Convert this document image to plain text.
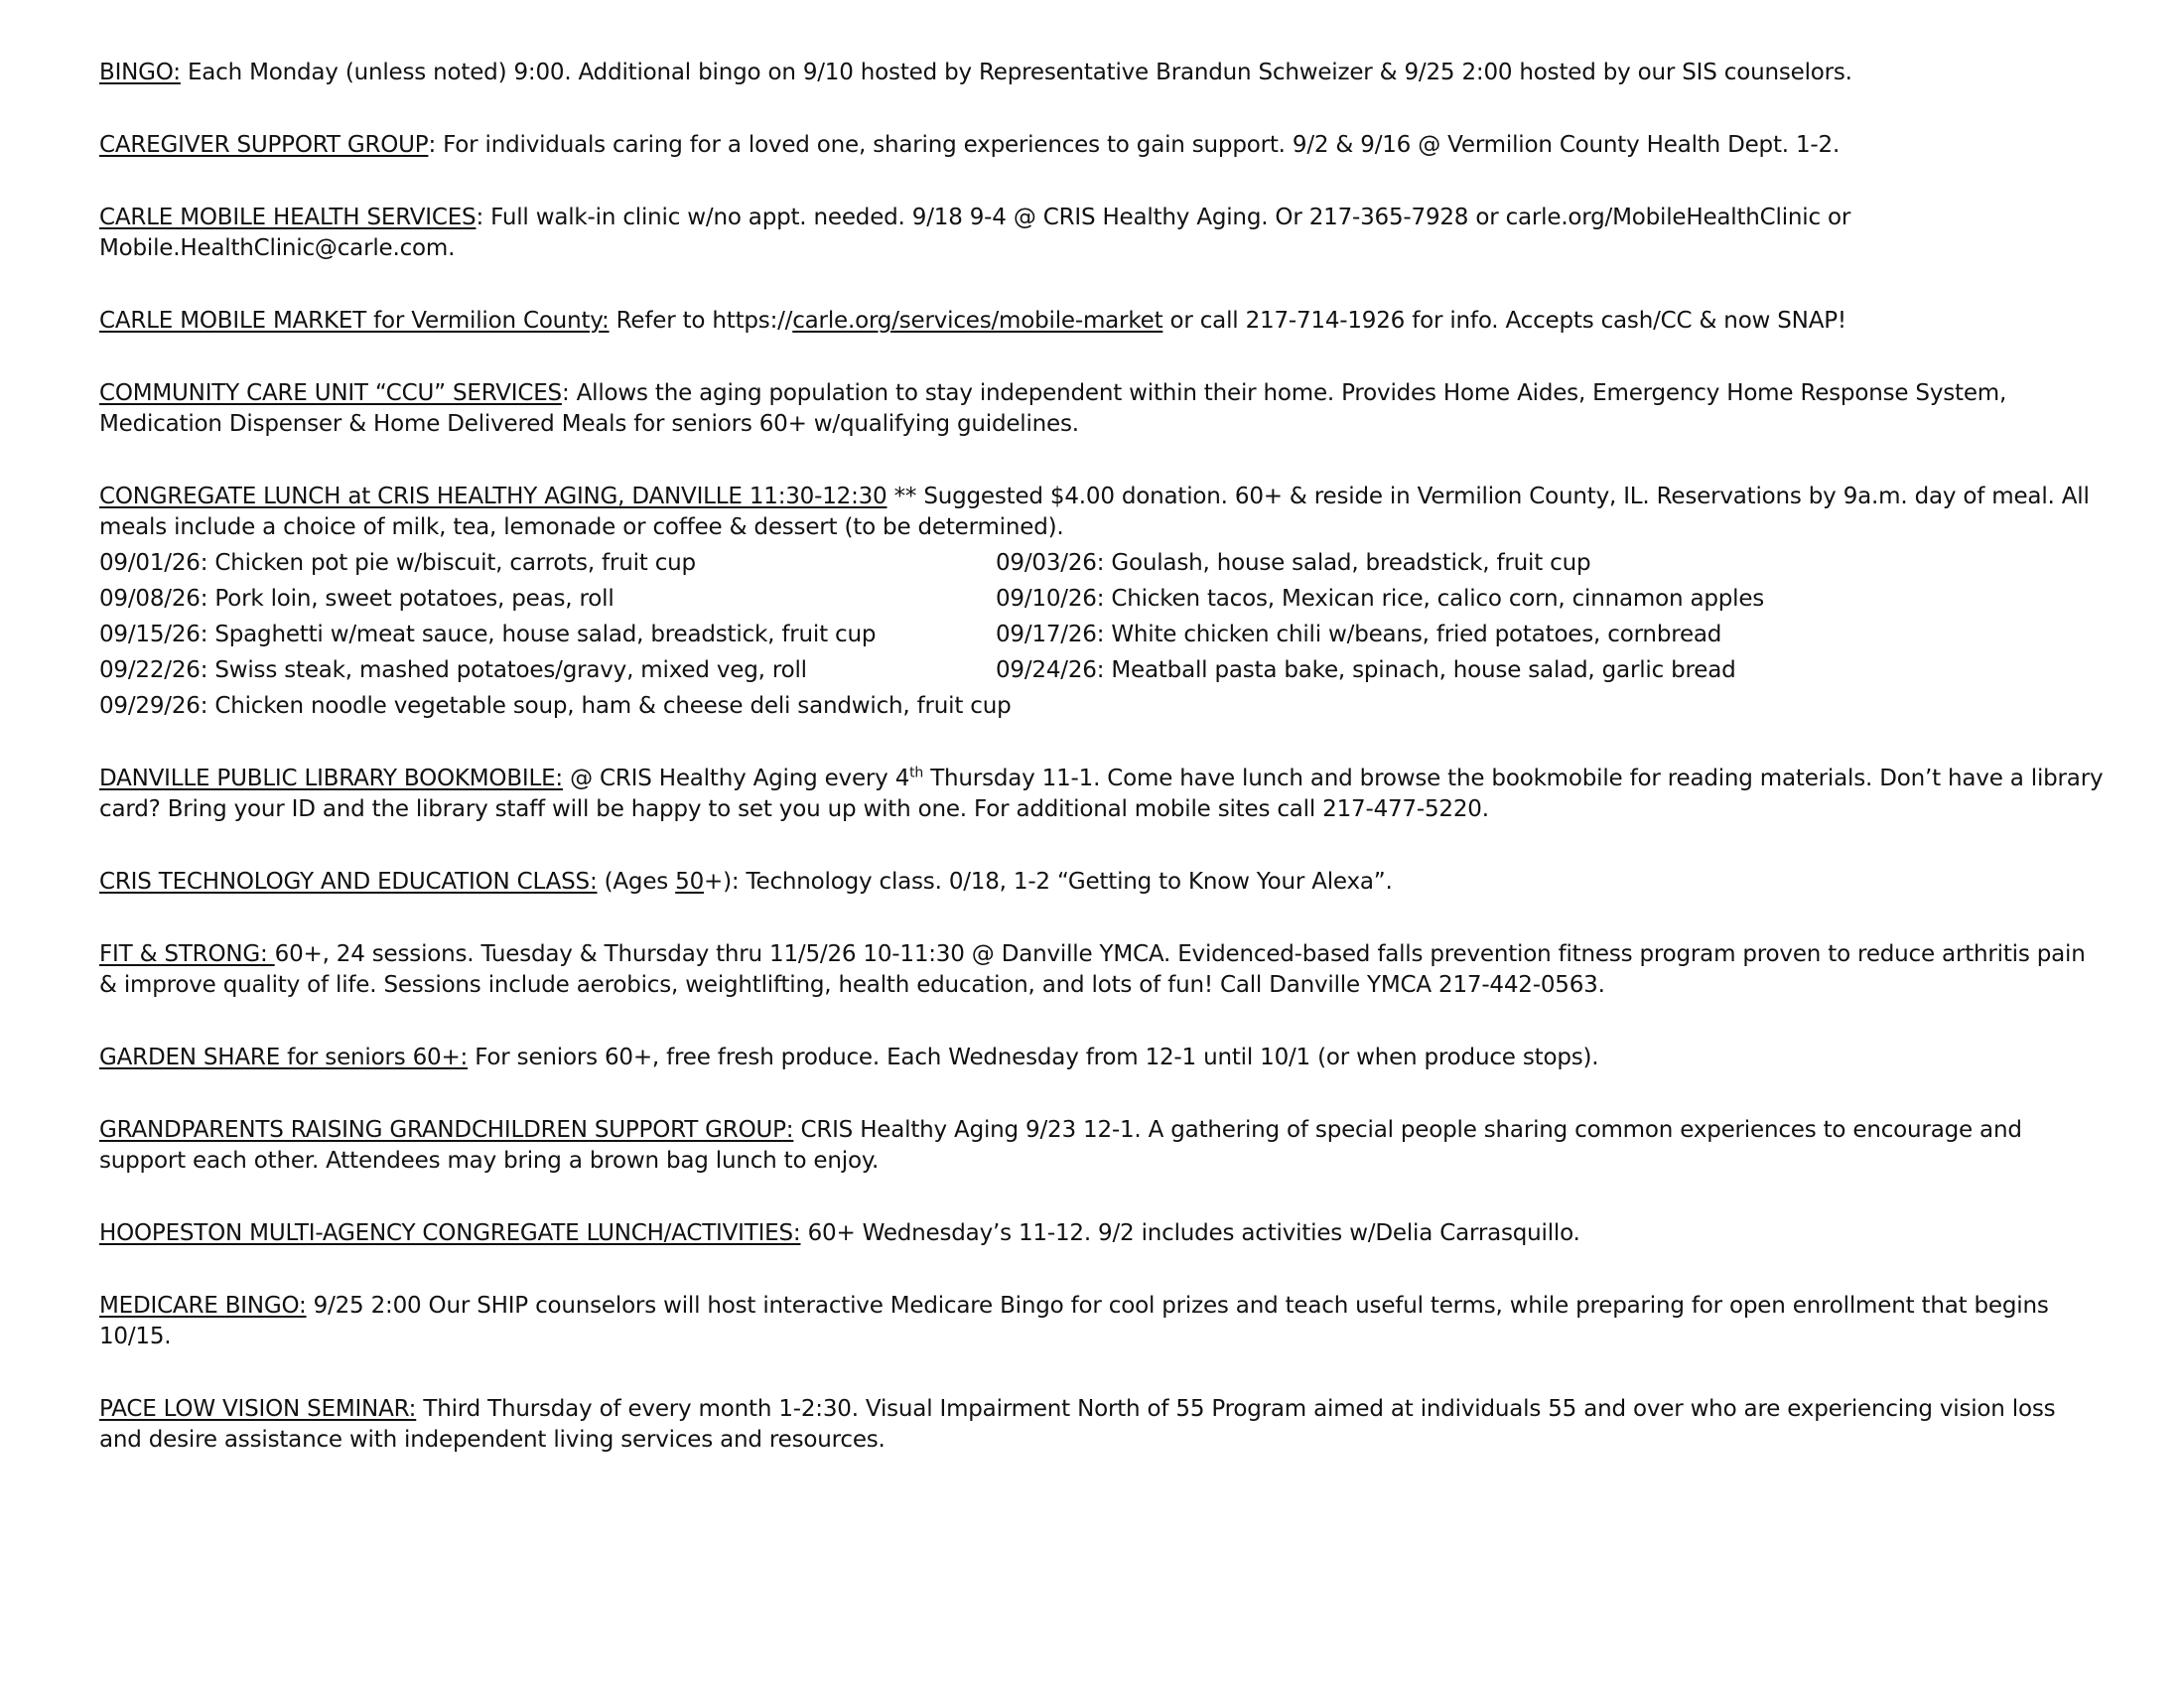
BINGO: Each Monday (unless noted) 9:00. Additional bingo on 9/10 hosted by Representative Brandun Schweizer & 9/25 2:00 hosted by our SIS counselors.

CAREGIVER SUPPORT GROUP: For individuals caring for a loved one, sharing experiences to gain support. 9/2 & 9/16 @ Vermilion County Health Dept. 1-2.

CARLE MOBILE HEALTH SERVICES: Full walk-in clinic w/no appt. needed. 9/18 9-4 @ CRIS Healthy Aging. Or 217-365-7928 or carle.org/MobileHealthClinic or Mobile.HealthClinic@carle.com.

CARLE MOBILE MARKET for Vermilion County: Refer to https://carle.org/services/mobile-market or call 217-714-1926 for info. Accepts cash/CC & now SNAP!

COMMUNITY CARE UNIT “CCU” SERVICES: Allows the aging population to stay independent within their home. Provides Home Aides, Emergency Home Response System, Medication Dispenser & Home Delivered Meals for seniors 60+ w/qualifying guidelines.

CONGREGATE LUNCH at CRIS HEALTHY AGING, DANVILLE 11:30-12:30 ** Suggested $4.00 donation. 60+ & reside in Vermilion County, IL. Reservations by 9a.m. day of meal. All meals include a choice of milk, tea, lemonade or coffee & dessert (to be determined).

09/01/26: Chicken pot pie w/biscuit, carrots, fruit cup	09/03/26: Goulash, house salad, breadstick, fruit cup
09/08/26: Pork loin, sweet potatoes, peas, roll	09/10/26: Chicken tacos, Mexican rice, calico corn, cinnamon apples
09/15/26: Spaghetti w/meat sauce, house salad, breadstick, fruit cup	09/17/26: White chicken chili w/beans, fried potatoes, cornbread
09/22/26: Swiss steak, mashed potatoes/gravy, mixed veg, roll	09/24/26: Meatball pasta bake, spinach, house salad, garlic bread
09/29/26: Chicken noodle vegetable soup, ham & cheese deli sandwich, fruit cup

DANVILLE PUBLIC LIBRARY BOOKMOBILE: @ CRIS Healthy Aging every 4th Thursday 11-1. Come have lunch and browse the bookmobile for reading materials. Don’t have a library card? Bring your ID and the library staff will be happy to set you up with one. For additional mobile sites call 217-477-5220.

CRIS TECHNOLOGY AND EDUCATION CLASS: (Ages 50+): Technology class. 0/18, 1-2 “Getting to Know Your Alexa”.

FIT & STRONG: 60+, 24 sessions. Tuesday & Thursday thru 11/5/26 10-11:30 @ Danville YMCA. Evidenced-based falls prevention fitness program proven to reduce arthritis pain & improve quality of life. Sessions include aerobics, weightlifting, health education, and lots of fun! Call Danville YMCA 217-442-0563.

GARDEN SHARE for seniors 60+: For seniors 60+, free fresh produce. Each Wednesday from 12-1 until 10/1 (or when produce stops).

GRANDPARENTS RAISING GRANDCHILDREN SUPPORT GROUP: CRIS Healthy Aging 9/23 12-1. A gathering of special people sharing common experiences to encourage and support each other. Attendees may bring a brown bag lunch to enjoy.

HOOPESTON MULTI-AGENCY CONGREGATE LUNCH/ACTIVITIES: 60+ Wednesday’s 11-12. 9/2 includes activities w/Delia Carrasquillo.

MEDICARE BINGO: 9/25 2:00 Our SHIP counselors will host interactive Medicare Bingo for cool prizes and teach useful terms, while preparing for open enrollment that begins 10/15.

PACE LOW VISION SEMINAR: Third Thursday of every month 1-2:30. Visual Impairment North of 55 Program aimed at individuals 55 and over who are experiencing vision loss and desire assistance with independent living services and resources.
